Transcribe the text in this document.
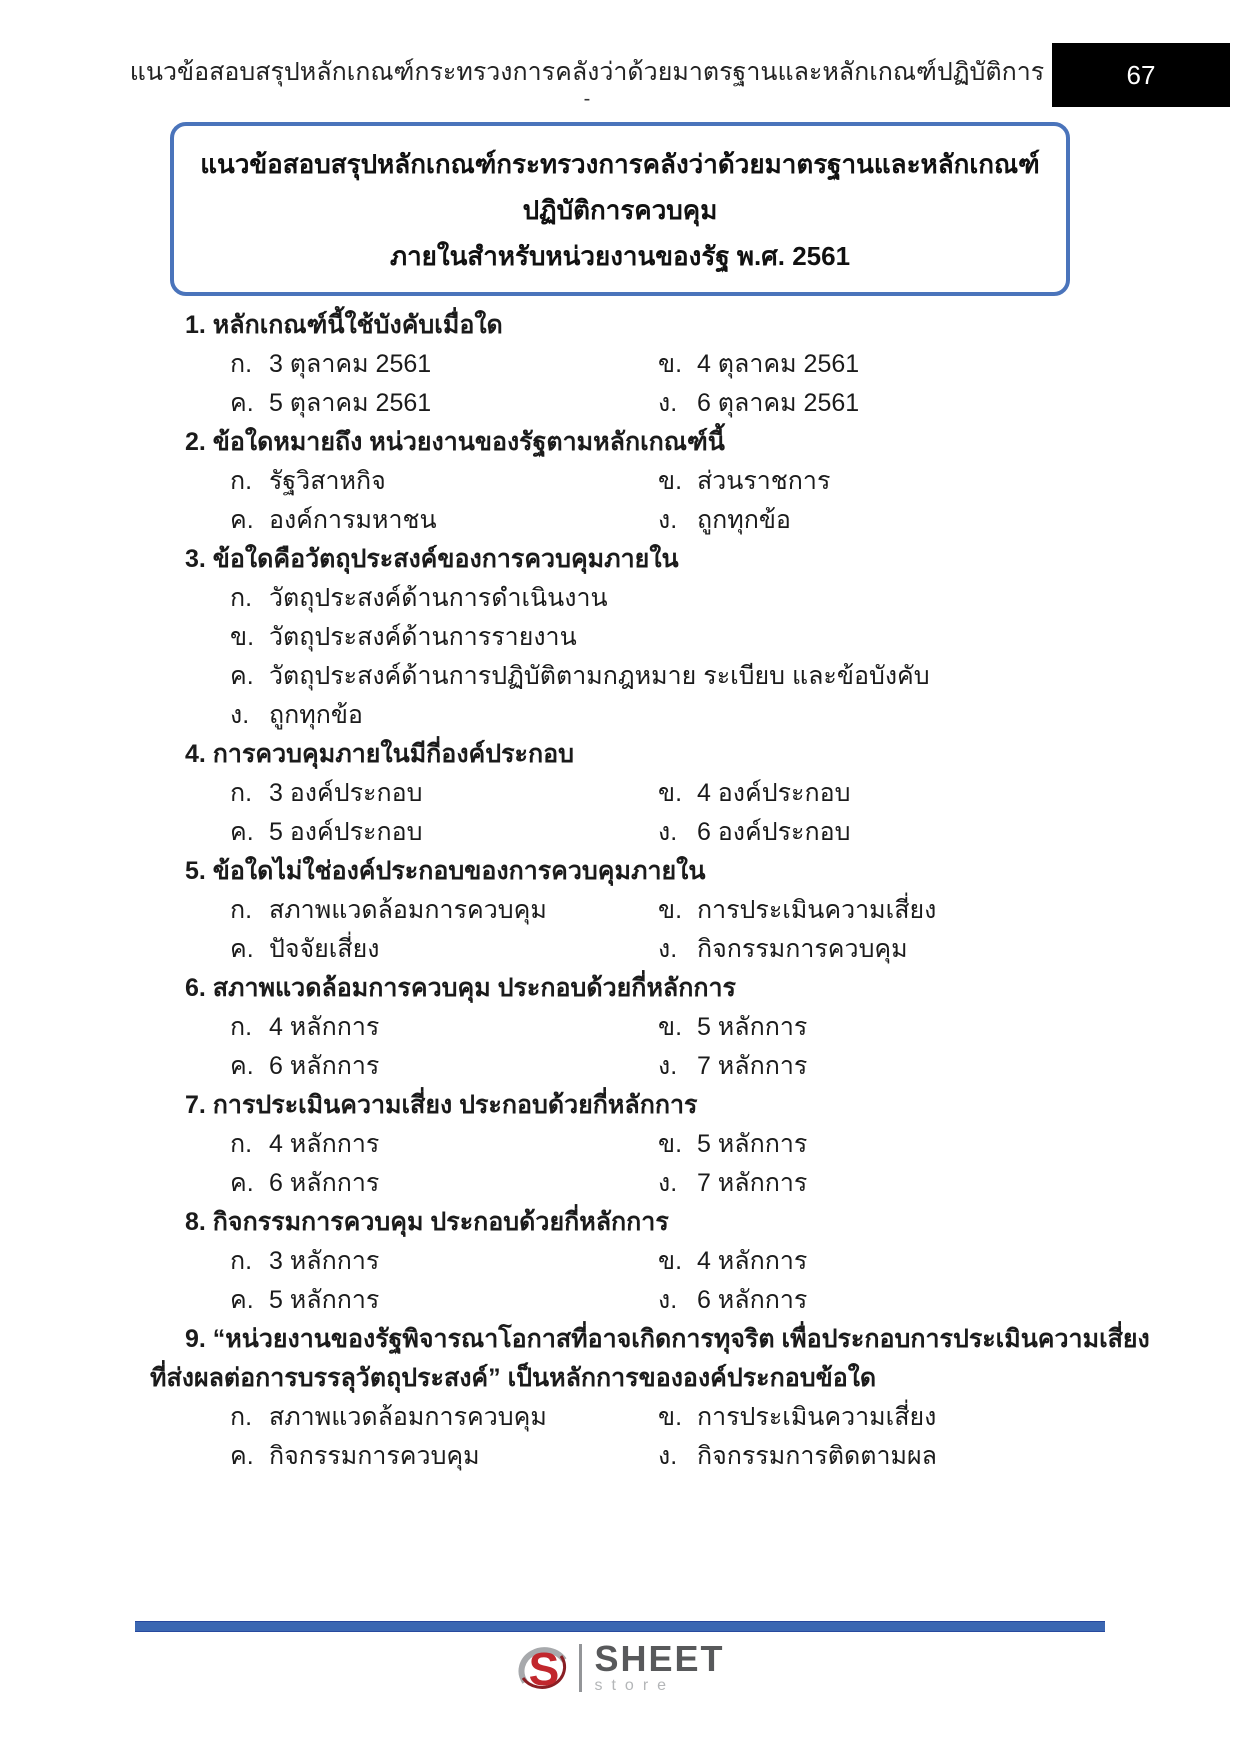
แนวข้อสอบสรุปหลักเกณฑ์กระทรวงการคลังว่าด้วยมาตรฐานและหลักเกณฑ์ปฏิบัติการ	67
-
แนวข้อสอบสรุปหลักเกณฑ์กระทรวงการคลังว่าด้วยมาตรฐานและหลักเกณฑ์ปฏิบัติการควบคุม
ภายในสำหรับหน่วยงานของรัฐ พ.ศ. 2561
1. หลักเกณฑ์นี้ใช้บังคับเมื่อใด
ก. 3 ตุลาคม 2561	ข. 4 ตุลาคม 2561
ค. 5 ตุลาคม 2561	ง. 6 ตุลาคม 2561
2. ข้อใดหมายถึง หน่วยงานของรัฐตามหลักเกณฑ์นี้
ก. รัฐวิสาหกิจ	ข. ส่วนราชการ
ค. องค์การมหาชน	ง. ถูกทุกข้อ
3. ข้อใดคือวัตถุประสงค์ของการควบคุมภายใน
ก. วัตถุประสงค์ด้านการดำเนินงาน
ข. วัตถุประสงค์ด้านการรายงาน
ค. วัตถุประสงค์ด้านการปฏิบัติตามกฎหมาย ระเบียบ และข้อบังคับ
ง. ถูกทุกข้อ
4. การควบคุมภายในมีกี่องค์ประกอบ
ก. 3 องค์ประกอบ	ข. 4 องค์ประกอบ
ค. 5 องค์ประกอบ	ง. 6 องค์ประกอบ
5. ข้อใดไม่ใช่องค์ประกอบของการควบคุมภายใน
ก. สภาพแวดล้อมการควบคุม	ข. การประเมินความเสี่ยง
ค. ปัจจัยเสี่ยง	ง. กิจกรรมการควบคุม
6. สภาพแวดล้อมการควบคุม ประกอบด้วยกี่หลักการ
ก. 4 หลักการ	ข. 5 หลักการ
ค. 6 หลักการ	ง. 7 หลักการ
7. การประเมินความเสี่ยง ประกอบด้วยกี่หลักการ
ก. 4 หลักการ	ข. 5 หลักการ
ค. 6 หลักการ	ง. 7 หลักการ
8. กิจกรรมการควบคุม ประกอบด้วยกี่หลักการ
ก. 3 หลักการ	ข. 4 หลักการ
ค. 5 หลักการ	ง. 6 หลักการ
9. “หน่วยงานของรัฐพิจารณาโอกาสที่อาจเกิดการทุจริต เพื่อประกอบการประเมินความเสี่ยงที่ส่งผลต่อการบรรลุวัตถุประสงค์” เป็นหลักการขององค์ประกอบข้อใด
ก. สภาพแวดล้อมการควบคุม	ข. การประเมินความเสี่ยง
ค. กิจกรรมการควบคุม	ง. กิจกรรมการติดตามผล
S SHEET
store
